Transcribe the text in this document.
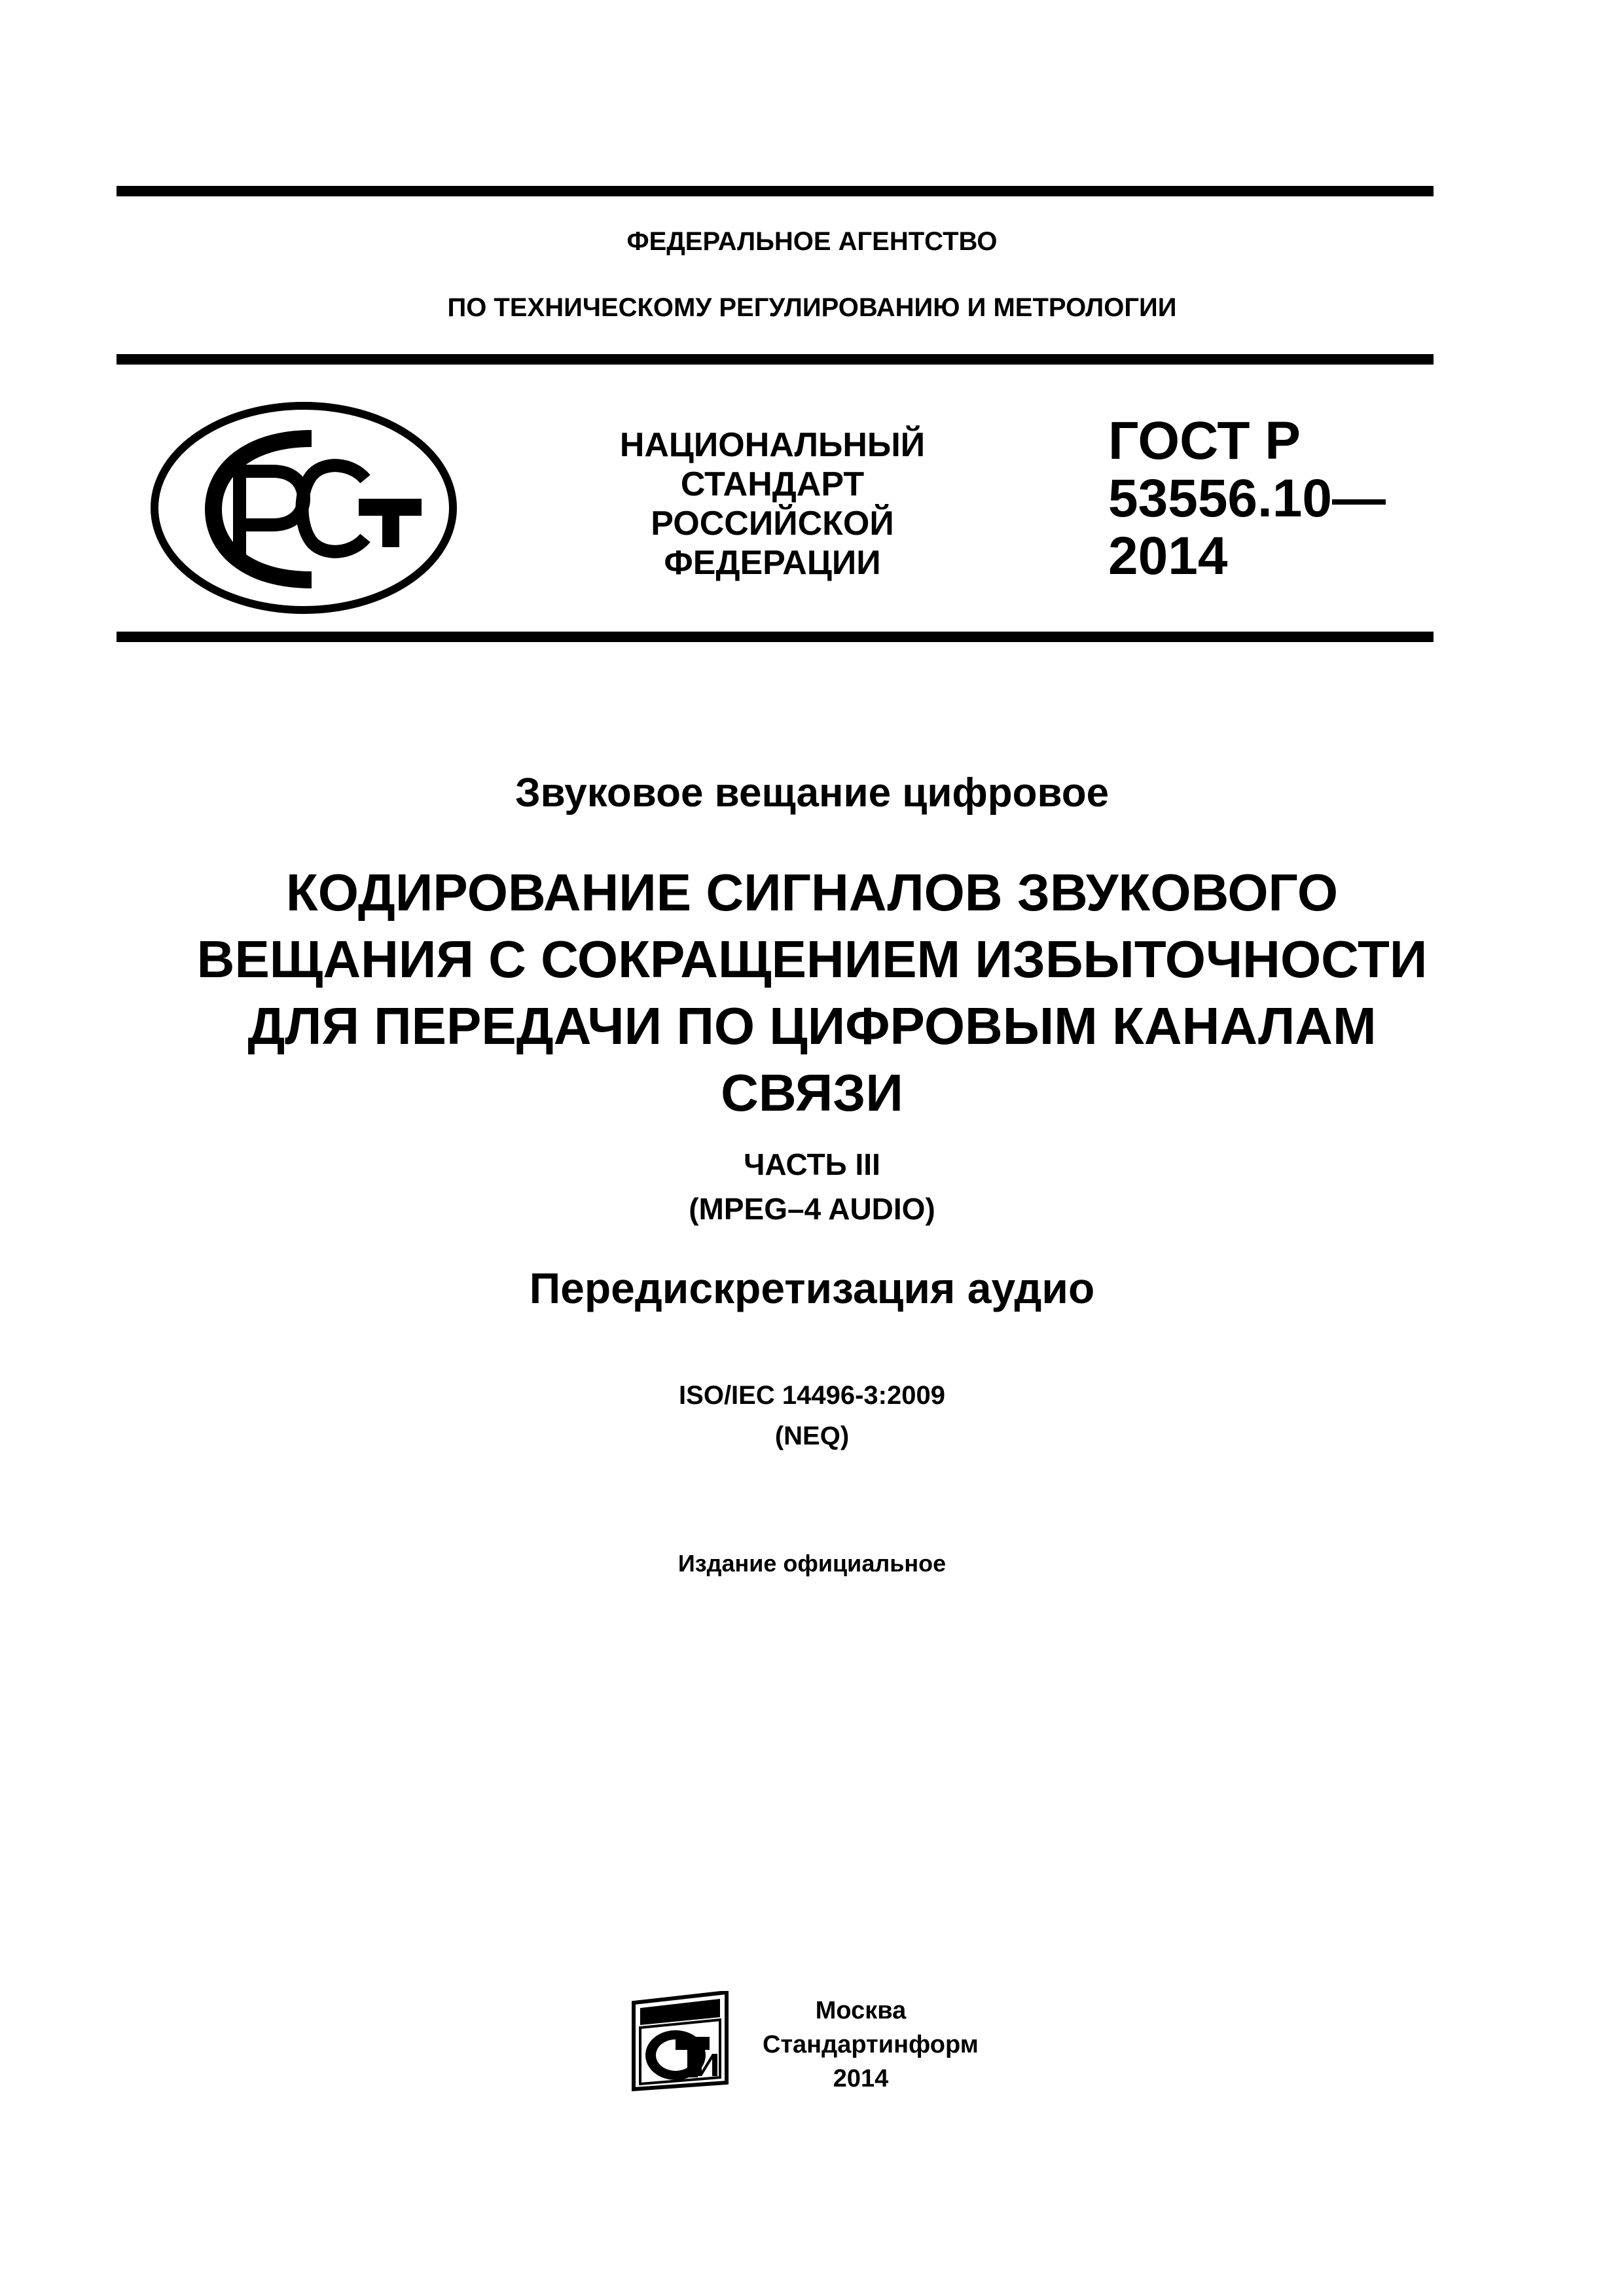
ФЕДЕРАЛЬНОЕ АГЕНТСТВО
ПО ТЕХНИЧЕСКОМУ РЕГУЛИРОВАНИЮ И МЕТРОЛОГИИ
НАЦИОНАЛЬНЫЙ
СТАНДАРТ
РОССИЙСКОЙ
ФЕДЕРАЦИИ
ГОСТ Р
53556.10—
2014
Звуковое вещание цифровое
КОДИРОВАНИЕ СИГНАЛОВ ЗВУКОВОГО
ВЕЩАНИЯ С СОКРАЩЕНИЕМ ИЗБЫТОЧНОСТИ
ДЛЯ ПЕРЕДАЧИ ПО ЦИФРОВЫМ КАНАЛАМ
СВЯЗИ
ЧАСТЬ III
(MPEG–4 AUDIO)
Передискретизация аудио
ISO/IEC 14496-3:2009
(NEQ)
Издание официальное
Москва
Стандартинформ
2014
